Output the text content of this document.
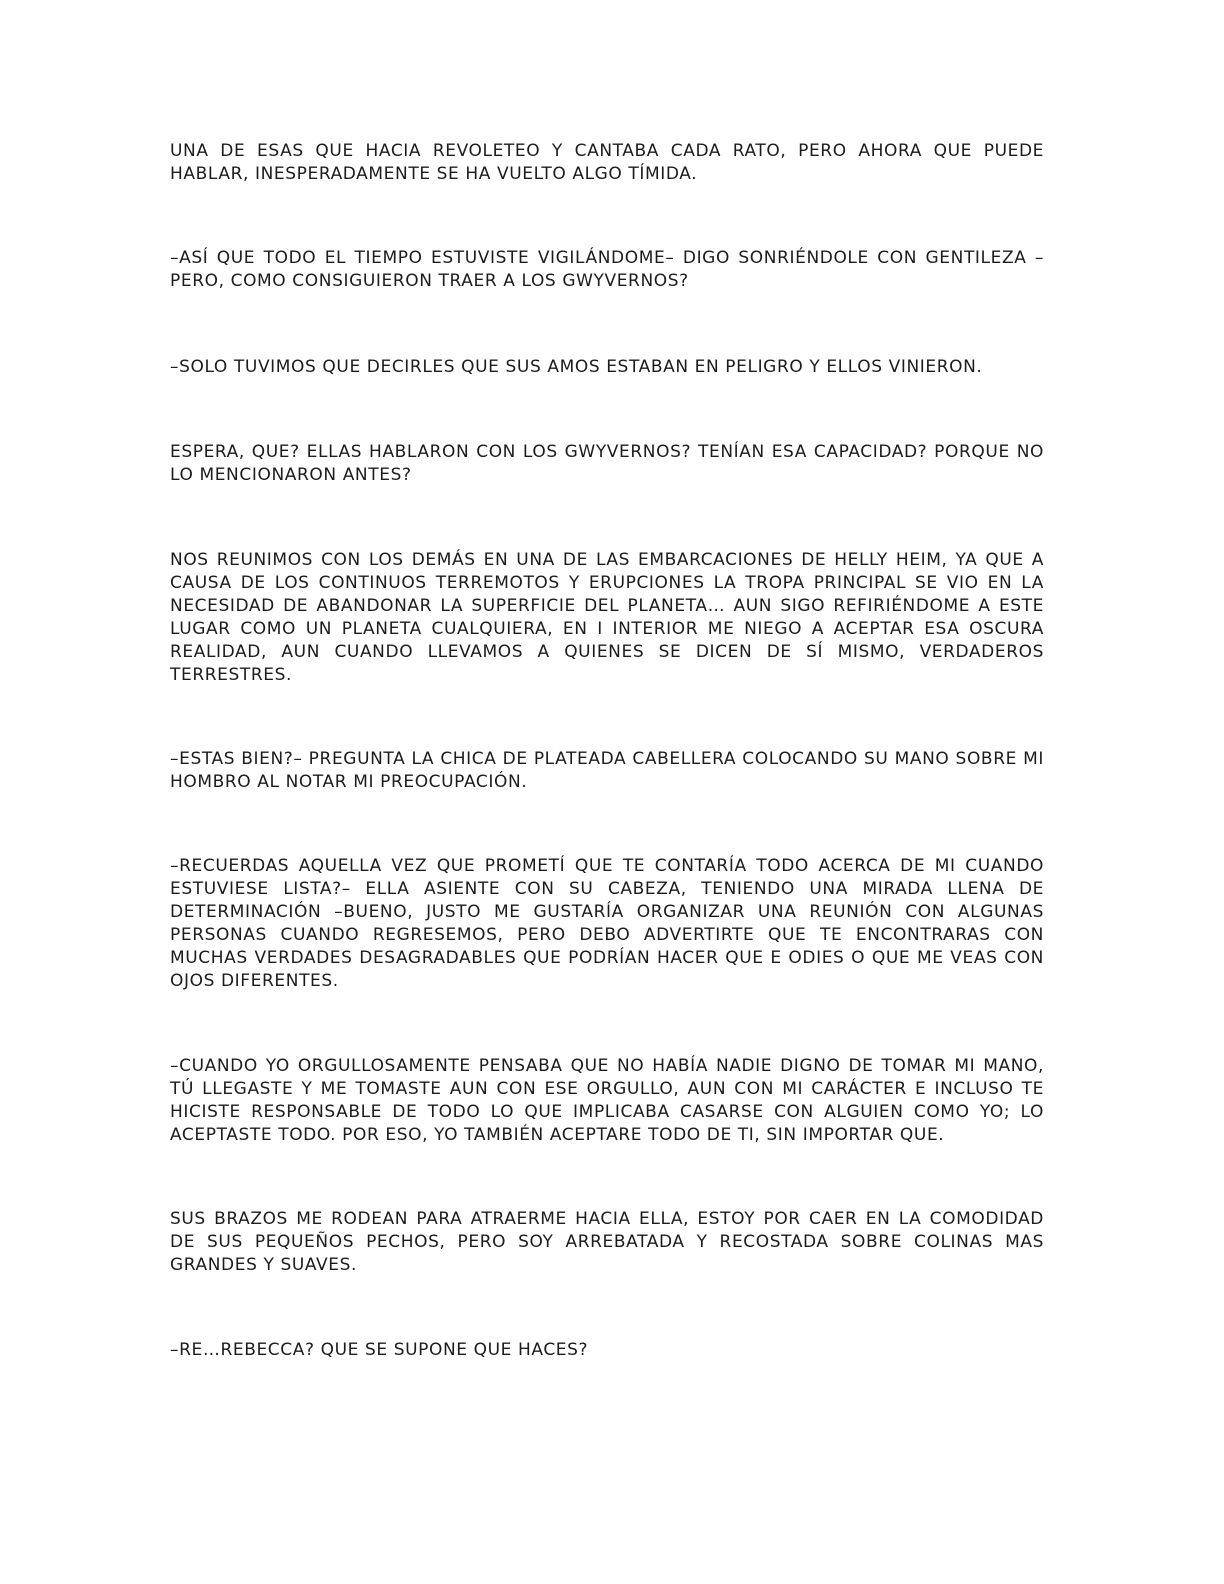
UNA DE ESAS QUE HACIA REVOLETEO Y CANTABA CADA RATO, PERO AHORA QUE PUEDE HABLAR, INESPERADAMENTE SE HA VUELTO ALGO TÍMIDA.

–ASÍ QUE TODO EL TIEMPO ESTUVISTE VIGILÁNDOME– DIGO SONRIÉNDOLE CON GENTILEZA – PERO, COMO CONSIGUIERON TRAER A LOS GWYVERNOS?

–SOLO TUVIMOS QUE DECIRLES QUE SUS AMOS ESTABAN EN PELIGRO Y ELLOS VINIERON.

ESPERA, QUE? ELLAS HABLARON CON LOS GWYVERNOS? TENÍAN ESA CAPACIDAD? PORQUE NO LO MENCIONARON ANTES?

NOS REUNIMOS CON LOS DEMÁS EN UNA DE LAS EMBARCACIONES DE HELLY HEIM, YA QUE A CAUSA DE LOS CONTINUOS TERREMOTOS Y ERUPCIONES LA TROPA PRINCIPAL SE VIO EN LA NECESIDAD DE ABANDONAR LA SUPERFICIE DEL PLANETA… AUN SIGO REFIRIÉNDOME A ESTE LUGAR COMO UN PLANETA CUALQUIERA, EN I INTERIOR ME NIEGO A ACEPTAR ESA OSCURA REALIDAD, AUN CUANDO LLEVAMOS A QUIENES SE DICEN DE SÍ MISMO, VERDADEROS TERRESTRES.

–ESTAS BIEN?– PREGUNTA LA CHICA DE PLATEADA CABELLERA COLOCANDO SU MANO SOBRE MI HOMBRO AL NOTAR MI PREOCUPACIÓN.

–RECUERDAS AQUELLA VEZ QUE PROMETÍ QUE TE CONTARÍA TODO ACERCA DE MI CUANDO ESTUVIESE LISTA?– ELLA ASIENTE CON SU CABEZA, TENIENDO UNA MIRADA LLENA DE DETERMINACIÓN –BUENO, JUSTO ME GUSTARÍA ORGANIZAR UNA REUNIÓN CON ALGUNAS PERSONAS CUANDO REGRESEMOS, PERO DEBO ADVERTIRTE QUE TE ENCONTRARAS CON MUCHAS VERDADES DESAGRADABLES QUE PODRÍAN HACER QUE E ODIES O QUE ME VEAS CON OJOS DIFERENTES.

–CUANDO YO ORGULLOSAMENTE PENSABA QUE NO HABÍA NADIE DIGNO DE TOMAR MI MANO, TÚ LLEGASTE Y ME TOMASTE AUN CON ESE ORGULLO, AUN CON MI CARÁCTER E INCLUSO TE HICISTE RESPONSABLE DE TODO LO QUE IMPLICABA CASARSE CON ALGUIEN COMO YO; LO ACEPTASTE TODO. POR ESO, YO TAMBIÉN ACEPTARE TODO DE TI, SIN IMPORTAR QUE.

SUS BRAZOS ME RODEAN PARA ATRAERME HACIA ELLA, ESTOY POR CAER EN LA COMODIDAD DE SUS PEQUEÑOS PECHOS, PERO SOY ARREBATADA Y RECOSTADA SOBRE COLINAS MAS GRANDES Y SUAVES.

–RE…REBECCA? QUE SE SUPONE QUE HACES?
